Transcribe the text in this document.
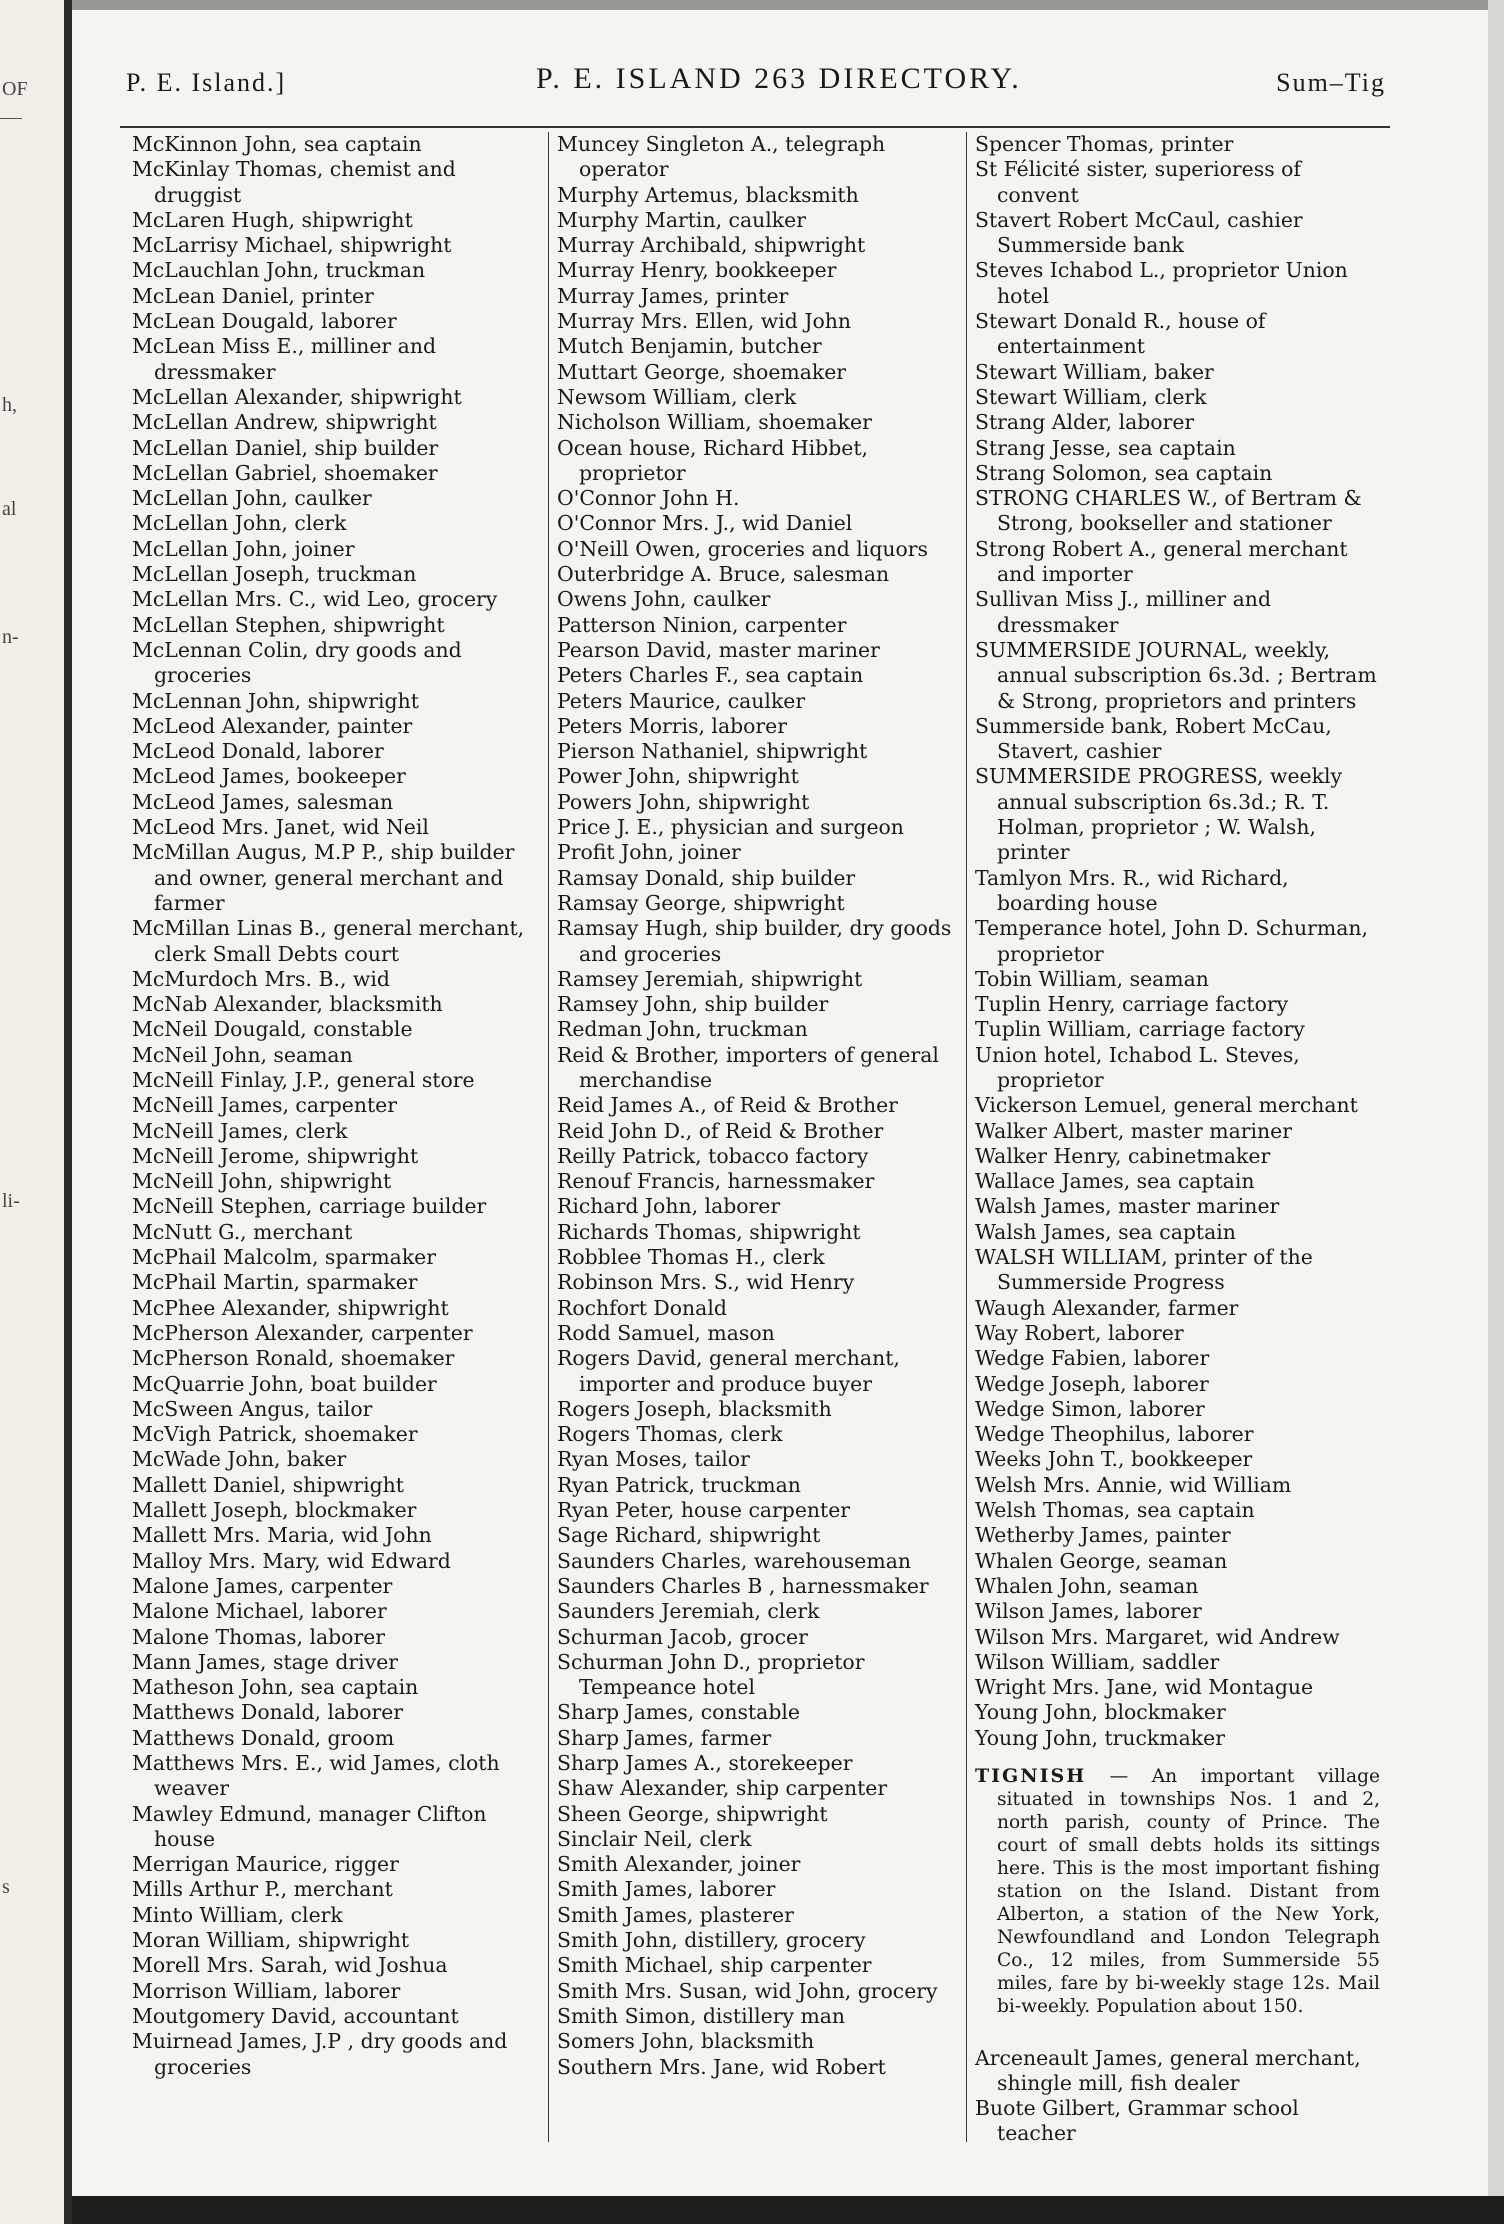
OF
h,
al
n-
li-
s
P. E. Island.]	P. E. ISLAND 263 DIRECTORY.	Sum–Tig

McKinnon John, sea captain

McKinlay Thomas, chemist and druggist

McLaren Hugh, shipwright

McLarrisy Michael, shipwright

McLauchlan John, truckman

McLean Daniel, printer

McLean Dougald, laborer

McLean Miss E., milliner and dressmaker

McLellan Alexander, shipwright

McLellan Andrew, shipwright

McLellan Daniel, ship builder

McLellan Gabriel, shoemaker

McLellan John, caulker

McLellan John, clerk

McLellan John, joiner

McLellan Joseph, truckman

McLellan Mrs. C., wid Leo, grocery

McLellan Stephen, shipwright

McLennan Colin, dry goods and groceries

McLennan John, shipwright

McLeod Alexander, painter

McLeod Donald, laborer

McLeod James, bookeeper

McLeod James, salesman

McLeod Mrs. Janet, wid Neil

McMillan Augus, M.P P., ship builder and owner, general merchant and farmer

McMillan Linas B., general merchant, clerk Small Debts court

McMurdoch Mrs. B., wid

McNab Alexander, blacksmith

McNeil Dougald, constable

McNeil John, seaman

McNeill Finlay, J.P., general store

McNeill James, carpenter

McNeill James, clerk

McNeill Jerome, shipwright

McNeill John, shipwright

McNeill Stephen, carriage builder

McNutt G., merchant

McPhail Malcolm, sparmaker

McPhail Martin, sparmaker

McPhee Alexander, shipwright

McPherson Alexander, carpenter

McPherson Ronald, shoemaker

McQuarrie John, boat builder

McSween Angus, tailor

McVigh Patrick, shoemaker

McWade John, baker

Mallett Daniel, shipwright

Mallett Joseph, blockmaker

Mallett Mrs. Maria, wid John

Malloy Mrs. Mary, wid Edward

Malone James, carpenter

Malone Michael, laborer

Malone Thomas, laborer

Mann James, stage driver

Matheson John, sea captain

Matthews Donald, laborer

Matthews Donald, groom

Matthews Mrs. E., wid James, cloth weaver

Mawley Edmund, manager Clifton house

Merrigan Maurice, rigger

Mills Arthur P., merchant

Minto William, clerk

Moran William, shipwright

Morell Mrs. Sarah, wid Joshua

Morrison William, laborer

Moutgomery David, accountant

Muirnead James, J.P , dry goods and groceries

Muncey Singleton A., telegraph operator

Murphy Artemus, blacksmith

Murphy Martin, caulker

Murray Archibald, shipwright

Murray Henry, bookkeeper

Murray James, printer

Murray Mrs. Ellen, wid John

Mutch Benjamin, butcher

Muttart George, shoemaker

Newsom William, clerk

Nicholson William, shoemaker

Ocean house, Richard Hibbet, proprietor

O'Connor John H.

O'Connor Mrs. J., wid Daniel

O'Neill Owen, groceries and liquors

Outerbridge A. Bruce, salesman

Owens John, caulker

Patterson Ninion, carpenter

Pearson David, master mariner

Peters Charles F., sea captain

Peters Maurice, caulker

Peters Morris, laborer

Pierson Nathaniel, shipwright

Power John, shipwright

Powers John, shipwright

Price J. E., physician and surgeon

Profit John, joiner

Ramsay Donald, ship builder

Ramsay George, shipwright

Ramsay Hugh, ship builder, dry goods and groceries

Ramsey Jeremiah, shipwright

Ramsey John, ship builder

Redman John, truckman

Reid & Brother, importers of general merchandise

Reid James A., of Reid & Brother

Reid John D., of Reid & Brother

Reilly Patrick, tobacco factory

Renouf Francis, harnessmaker

Richard John, laborer

Richards Thomas, shipwright

Robblee Thomas H., clerk

Robinson Mrs. S., wid Henry

Rochfort Donald

Rodd Samuel, mason

Rogers David, general merchant, importer and produce buyer

Rogers Joseph, blacksmith

Rogers Thomas, clerk

Ryan Moses, tailor

Ryan Patrick, truckman

Ryan Peter, house carpenter

Sage Richard, shipwright

Saunders Charles, warehouseman

Saunders Charles B , harnessmaker

Saunders Jeremiah, clerk

Schurman Jacob, grocer

Schurman John D., proprietor Tempeance hotel

Sharp James, constable

Sharp James, farmer

Sharp James A., storekeeper

Shaw Alexander, ship carpenter

Sheen George, shipwright

Sinclair Neil, clerk

Smith Alexander, joiner

Smith James, laborer

Smith James, plasterer

Smith John, distillery, grocery

Smith Michael, ship carpenter

Smith Mrs. Susan, wid John, grocery

Smith Simon, distillery man

Somers John, blacksmith

Southern Mrs. Jane, wid Robert

Spencer Thomas, printer

St Félicité sister, superioress of convent

Stavert Robert McCaul, cashier Summerside bank

Steves Ichabod L., proprietor Union hotel

Stewart Donald R., house of entertainment

Stewart William, baker

Stewart William, clerk

Strang Alder, laborer

Strang Jesse, sea captain

Strang Solomon, sea captain

STRONG CHARLES W., of Bertram & Strong, bookseller and stationer

Strong Robert A., general merchant and importer

Sullivan Miss J., milliner and dressmaker

SUMMERSIDE JOURNAL, weekly, annual subscription 6s.3d. ; Bertram & Strong, proprietors and printers

Summerside bank, Robert McCau, Stavert, cashier

SUMMERSIDE PROGRESS, weekly annual subscription 6s.3d.; R. T. Holman, proprietor ; W. Walsh, printer

Tamlyon Mrs. R., wid Richard, boarding house

Temperance hotel, John D. Schurman, proprietor

Tobin William, seaman

Tuplin Henry, carriage factory

Tuplin William, carriage factory

Union hotel, Ichabod L. Steves, proprietor

Vickerson Lemuel, general merchant

Walker Albert, master mariner

Walker Henry, cabinetmaker

Wallace James, sea captain

Walsh James, master mariner

Walsh James, sea captain

WALSH WILLIAM, printer of the Summerside Progress

Waugh Alexander, farmer

Way Robert, laborer

Wedge Fabien, laborer

Wedge Joseph, laborer

Wedge Simon, laborer

Wedge Theophilus, laborer

Weeks John T., bookkeeper

Welsh Mrs. Annie, wid William

Welsh Thomas, sea captain

Wetherby James, painter

Whalen George, seaman

Whalen John, seaman

Wilson James, laborer

Wilson Mrs. Margaret, wid Andrew

Wilson William, saddler

Wright Mrs. Jane, wid Montague

Young John, blockmaker

Young John, truckmaker

TIGNISH — An important village situated in townships Nos. 1 and 2, north parish, county of Prince. The court of small debts holds its sittings here. This is the most important fishing station on the Island. Distant from Alberton, a station of the New York, Newfoundland and London Telegraph Co., 12 miles, from Summerside 55 miles, fare by bi-weekly stage 12s. Mail bi-weekly. Population about 150.

Arceneault James, general merchant, shingle mill, fish dealer

Buote Gilbert, Grammar school teacher
